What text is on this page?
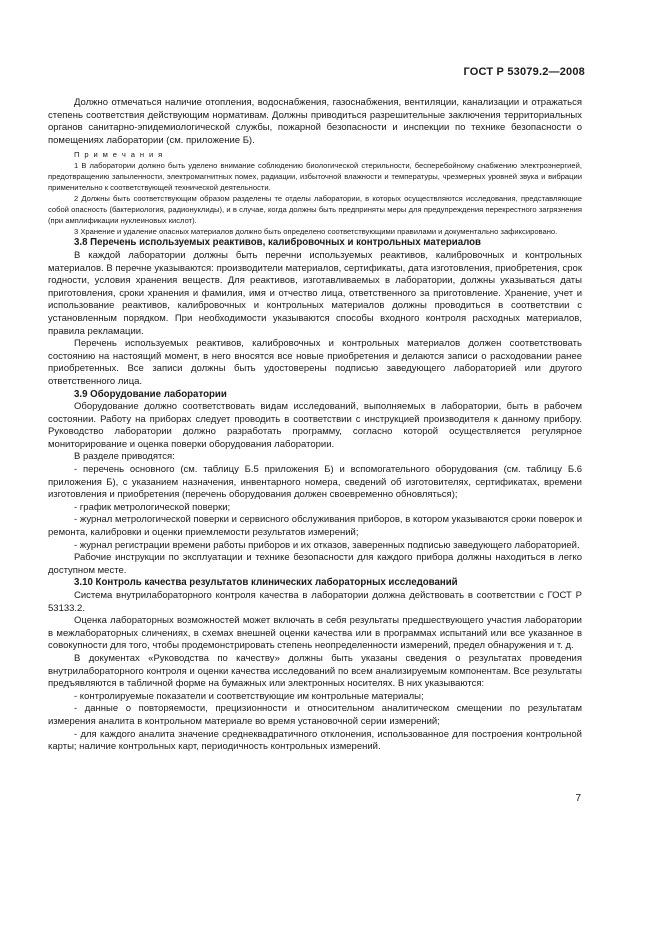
ГОСТ Р 53079.2—2008

Должно отмечаться наличие отопления, водоснабжения, газоснабжения, вентиляции, канализации и отражаться степень соответствия действующим нормативам. Должны приводиться разрешительные заключения территориальных органов санитарно-эпидемиологической службы, пожарной безопасности и инспекции по технике безопасности о помещениях лаборатории (см. приложение Б).

П р и м е ч а н и я

1 В лаборатории должно быть уделено внимание соблюдению биологической стерильности, бесперебойному снабжению электроэнергией, предотвращению запыленности, электромагнитных помех, радиации, избыточной влажности и температуры, чрезмерных уровней звука и вибрации применительно к соответствующей технической деятельности.

2 Должны быть соответствующим образом разделены те отделы лаборатории, в которых осуществляются исследования, представляющие собой опасность (бактериология, радионуклиды), и в случае, когда должны быть предприняты меры для предупреждения перекрестного загрязнения (при амплификации нуклеиновых кислот).

3 Хранение и удаление опасных материалов должно быть определено соответствующими правилами и документально зафиксировано.

3.8 Перечень используемых реактивов, калибровочных и контрольных материалов

В каждой лаборатории должны быть перечни используемых реактивов, калибровочных и контрольных материалов. В перечне указываются: производители материалов, сертификаты, дата изготовления, приобретения, срок годности, условия хранения веществ. Для реактивов, изготавливаемых в лаборатории, должны указываться даты приготовления, сроки хранения и фамилия, имя и отчество лица, ответственного за приготовление. Хранение, учет и использование реактивов, калибровочных и контрольных материалов должны проводиться в соответствии с установленным порядком. При необходимости указываются способы входного контроля расходных материалов, правила рекламации.

Перечень используемых реактивов, калибровочных и контрольных материалов должен соответствовать состоянию на настоящий момент, в него вносятся все новые приобретения и делаются записи о расходовании ранее приобретенных. Все записи должны быть удостоверены подписью заведующего лабораторией или другого ответственного лица.

3.9 Оборудование лаборатории

Оборудование должно соответствовать видам исследований, выполняемых в лаборатории, быть в рабочем состоянии. Работу на приборах следует проводить в соответствии с инструкцией производителя к данному прибору. Руководство лаборатории должно разработать программу, согласно которой осуществляется регулярное мониторирование и оценка поверки оборудования лаборатории.

В разделе приводятся:

- перечень основного (см. таблицу Б.5 приложения Б) и вспомогательного оборудования (см. таблицу Б.6 приложения Б), с указанием назначения, инвентарного номера, сведений об изготовителях, сертификатах, времени изготовления и приобретения (перечень оборудования должен своевременно обновляться);

- график метрологической поверки;

- журнал метрологической поверки и сервисного обслуживания приборов, в котором указываются сроки поверок и ремонта, калибровки и оценки приемлемости результатов измерений;

- журнал регистрации времени работы приборов и их отказов, заверенных подписью заведующего лабораторией.

Рабочие инструкции по эксплуатации и технике безопасности для каждого прибора должны находиться в легко доступном месте.

3.10 Контроль качества результатов клинических лабораторных исследований

Система внутрилабораторного контроля качества в лаборатории должна действовать в соответствии с ГОСТ Р 53133.2.

Оценка лабораторных возможностей может включать в себя результаты предшествующего участия лаборатории в межлабораторных сличениях, в схемах внешней оценки качества или в программах испытаний или все указанное в совокупности для того, чтобы продемонстрировать степень неопределенности измерений, предел обнаружения и т. д.

В документах «Руководства по качеству» должны быть указаны сведения о результатах проведения внутрилабораторного контроля и оценки качества исследований по всем анализируемым компонентам. Все результаты предъявляются в табличной форме на бумажных или электронных носителях. В них указываются:

- контролируемые показатели и соответствующие им контрольные материалы;

- данные о повторяемости, прецизионности и относительном аналитическом смещении по результатам измерения аналита в контрольном материале во время установочной серии измерений;

- для каждого аналита значение среднеквадратичного отклонения, использованное для построения контрольной карты; наличие контрольных карт, периодичность контрольных измерений.

7
